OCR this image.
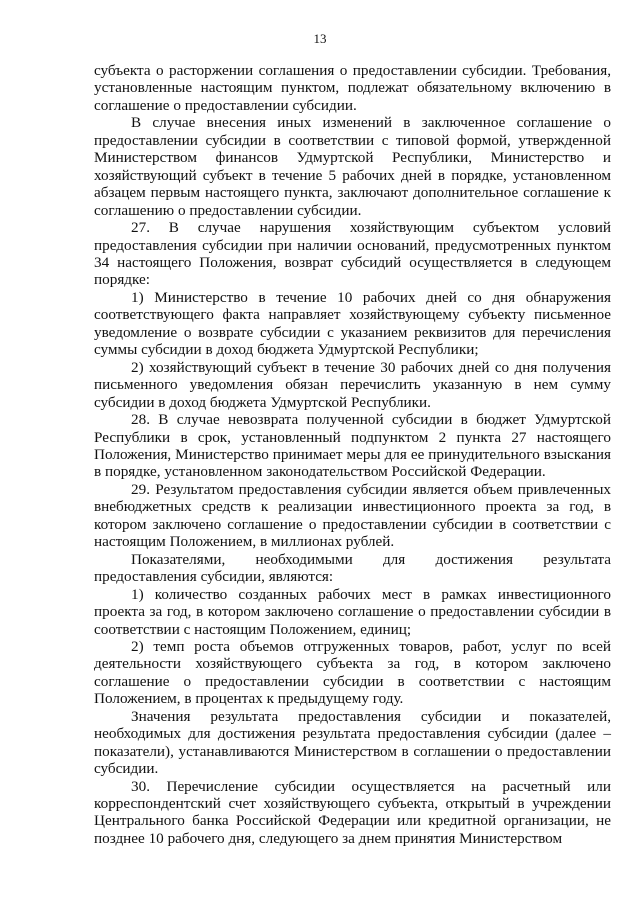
13

субъекта о расторжении соглашения о предоставлении субсидии. Требования, установленные настоящим пунктом, подлежат обязательному включению в соглашение о предоставлении субсидии.

В случае внесения иных изменений в заключенное соглашение о предоставлении субсидии в соответствии с типовой формой, утвержденной Министерством финансов Удмуртской Республики, Министерство и хозяйствующий субъект в течение 5 рабочих дней в порядке, установленном абзацем первым настоящего пункта, заключают дополнительное соглашение к соглашению о предоставлении субсидии.

27. В случае нарушения хозяйствующим субъектом условий предоставления субсидии при наличии оснований, предусмотренных пунктом 34 настоящего Положения, возврат субсидий осуществляется в следующем порядке:

1) Министерство в течение 10 рабочих дней со дня обнаружения соответствующего факта направляет хозяйствующему субъекту письменное уведомление о возврате субсидии с указанием реквизитов для перечисления суммы субсидии в доход бюджета Удмуртской Республики;

2) хозяйствующий субъект в течение 30 рабочих дней со дня получения письменного уведомления обязан перечислить указанную в нем сумму субсидии в доход бюджета Удмуртской Республики.

28. В случае невозврата полученной субсидии в бюджет Удмуртской Республики в срок, установленный подпунктом 2 пункта 27 настоящего Положения, Министерство принимает меры для ее принудительного взыскания в порядке, установленном законодательством Российской Федерации.

29. Результатом предоставления субсидии является объем привлеченных внебюджетных средств к реализации инвестиционного проекта за год, в котором заключено соглашение о предоставлении субсидии в соответствии с настоящим Положением, в миллионах рублей.

Показателями, необходимыми для достижения результата предоставления субсидии, являются:

1) количество созданных рабочих мест в рамках инвестиционного проекта за год, в котором заключено соглашение о предоставлении субсидии в соответствии с настоящим Положением, единиц;

2) темп роста объемов отгруженных товаров, работ, услуг по всей деятельности хозяйствующего субъекта за год, в котором заключено соглашение о предоставлении субсидии в соответствии с настоящим Положением, в процентах к предыдущему году.

Значения результата предоставления субсидии и показателей, необходимых для достижения результата предоставления субсидии (далее – показатели), устанавливаются Министерством в соглашении о предоставлении субсидии.

30. Перечисление субсидии осуществляется на расчетный или корреспондентский счет хозяйствующего субъекта, открытый в учреждении Центрального банка Российской Федерации или кредитной организации, не позднее 10 рабочего дня, следующего за днем принятия Министерством
